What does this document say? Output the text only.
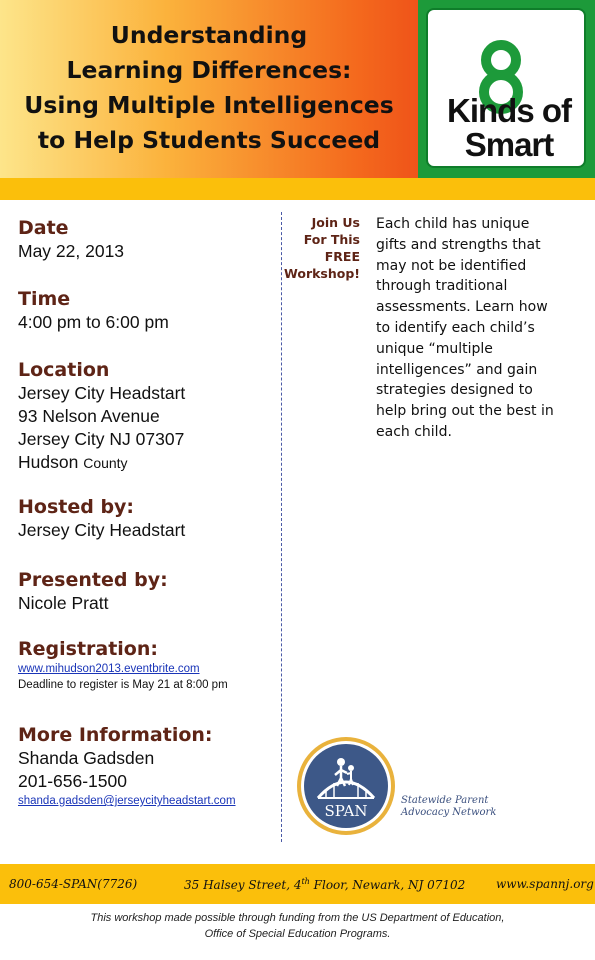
Understanding
Learning Differences:
Using Multiple Intelligences
to Help Students Succeed
Kinds of
Smart
Date
May 22, 2013
Time
4:00 pm to 6:00 pm
Location
Jersey City Headstart
93 Nelson Avenue
Jersey City NJ 07307
Hudson County
Hosted by:
Jersey City Headstart
Presented by:
Nicole Pratt
Registration:
www.mihudson2013.eventbrite.com
Deadline to register is May 21 at 8:00 pm
More Information:
Shanda Gadsden
201-656-1500
shanda.gadsden@jerseycityheadstart.com
Join Us
For This
FREE
Workshop!
Each child has unique
gifts and strengths that
may not be identified
through traditional
assessments. Learn how
to identify each child’s
unique “multiple
intelligences” and gain
strategies designed to
help bring out the best in
each child.
SPAN
Statewide Parent
Advocacy Network
800-654-SPAN(7726)	35 Halsey Street, 4th Floor, Newark, NJ 07102	www.spannj.org
This workshop made possible through funding from the US Department of Education,
Office of Special Education Programs.
